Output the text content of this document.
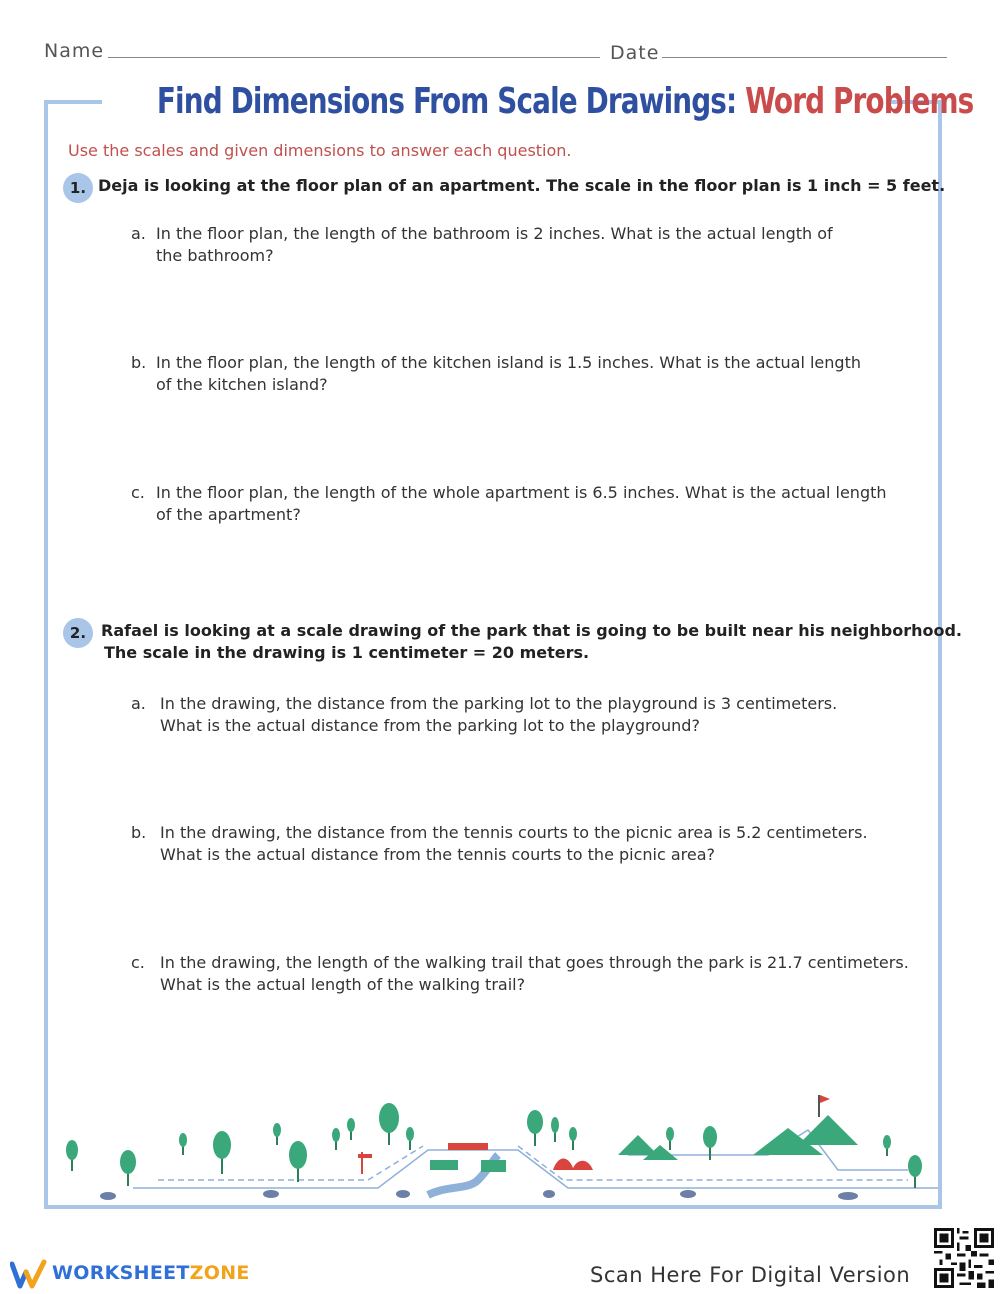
Name	Date
Find Dimensions From Scale Drawings: Word Problems
Use the scales and given dimensions to answer each question.
1. Deja is looking at the floor plan of an apartment. The scale in the floor plan is 1 inch = 5 feet.
a. In the floor plan, the length of the bathroom is 2 inches. What is the actual length of
the bathroom?
b. In the floor plan, the length of the kitchen island is 1.5 inches. What is the actual length
of the kitchen island?
c. In the floor plan, the length of the whole apartment is 6.5 inches. What is the actual length
of the apartment?
2. Rafael is looking at a scale drawing of the park that is going to be built near his neighborhood.
The scale in the drawing is 1 centimeter = 20 meters.
a. In the drawing, the distance from the parking lot to the playground is 3 centimeters.
What is the actual distance from the parking lot to the playground?
b. In the drawing, the distance from the tennis courts to the picnic area is 5.2 centimeters.
What is the actual distance from the tennis courts to the picnic area?
c. In the drawing, the length of the walking trail that goes through the park is 21.7 centimeters.
What is the actual length of the walking trail?
WORKSHEETZONE	Scan Here For Digital Version
